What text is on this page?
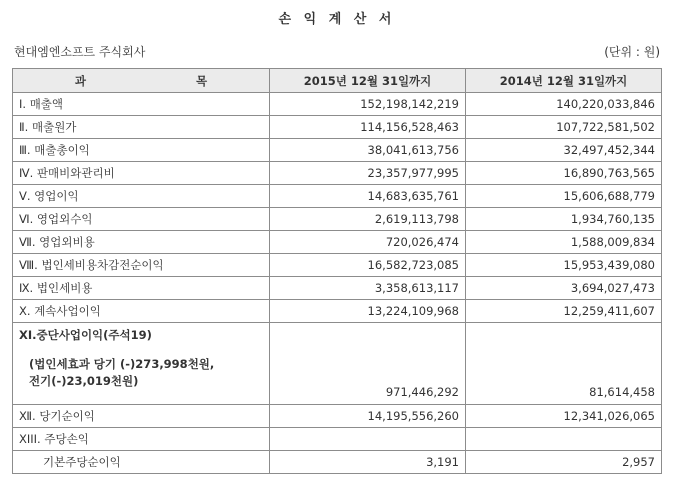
손 익 계 산 서
현대엠엔소프트 주식회사	(단위 : 원)
과 목	2015년 12월 31일까지	2014년 12월 31일까지
Ⅰ. 매출액	152,198,142,219	140,220,033,846
Ⅱ. 매출원가	114,156,528,463	107,722,581,502
Ⅲ. 매출총이익	38,041,613,756	32,497,452,344
Ⅳ. 판매비와관리비	23,357,977,995	16,890,763,565
Ⅴ. 영업이익	14,683,635,761	15,606,688,779
Ⅵ. 영업외수익	2,619,113,798	1,934,760,135
Ⅶ. 영업외비용	720,026,474	1,588,009,834
Ⅷ. 법인세비용차감전순이익	16,582,723,085	15,953,439,080
Ⅸ. 법인세비용	3,358,613,117	3,694,027,473
Ⅹ. 계속사업이익	13,224,109,968	12,259,411,607

XI.중단사업이익(주석19)
(법인세효과 당기 (-)273,998천원,
전기(-)23,019천원)	971,446,292	81,614,458
Ⅻ. 당기순이익	14,195,556,260	12,341,026,065
XIII. 주당손익		
기본주당순이익	3,191	2,957
